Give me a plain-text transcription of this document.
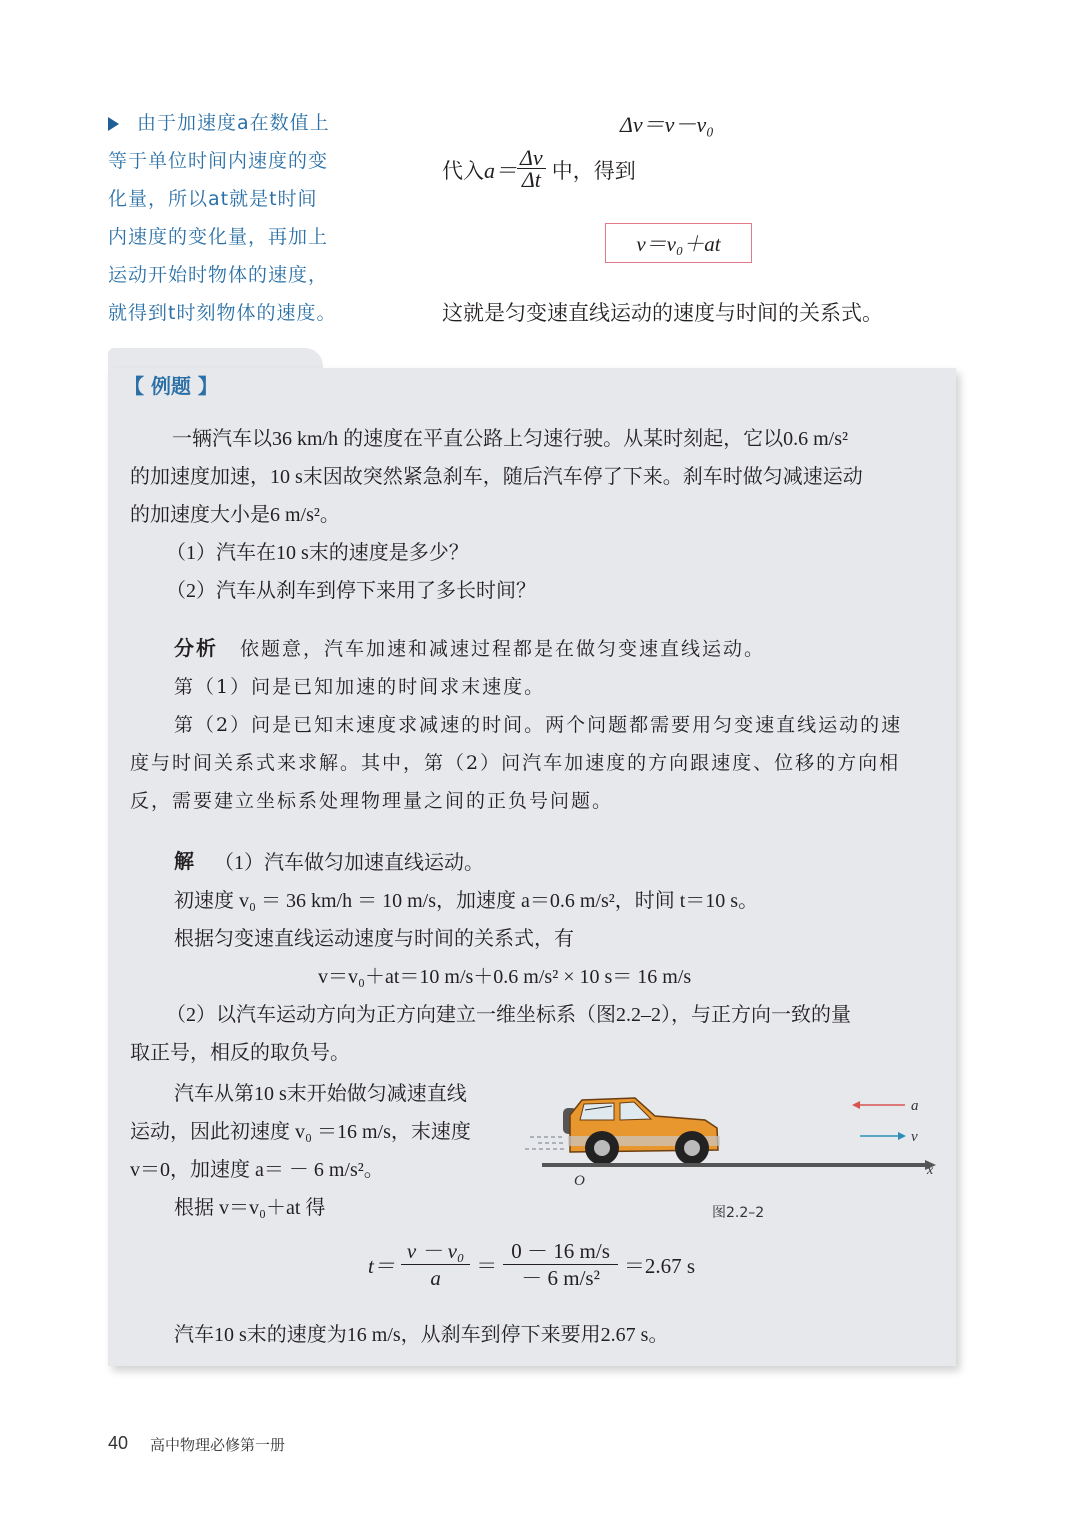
由于加速度a在数值上
等于单位时间内速度的变
化量，所以at就是t时间
内速度的变化量，再加上
运动开始时物体的速度，
就得到t时刻物体的速度。
Δv＝v－v₀
代入 $a= \frac{\Delta v}{\Delta t}$ 中，得到
v＝v₀＋at
这就是匀变速直线运动的速度与时间的关系式。
【 例题 】
一辆汽车以36 km/h 的速度在平直公路上匀速行驶。从某时刻起，它以0.6 m/s²
的加速度加速，10 s末因故突然紧急刹车，随后汽车停了下来。刹车时做匀减速运动
的加速度大小是6 m/s²。
（1）汽车在10 s末的速度是多少？
（2）汽车从刹车到停下来用了多长时间？
分析 依题意，汽车加速和减速过程都是在做匀变速直线运动。
第（1）问是已知加速的时间求末速度。
第（2）问是已知末速度求减速的时间。两个问题都需要用匀变速直线运动的速
度与时间关系式来求解。其中，第（2）问汽车加速度的方向跟速度、位移的方向相
反，需要建立坐标系处理物理量之间的正负号问题。
解 （1）汽车做匀加速直线运动。
初速度 v₀ ＝ 36 km/h ＝ 10 m/s，加速度 a＝0.6 m/s²，时间 t＝10 s。
根据匀变速直线运动速度与时间的关系式，有
v＝v₀＋at＝10 m/s＋0.6 m/s² × 10 s＝ 16 m/s
（2）以汽车运动方向为正方向建立一维坐标系（图2.2–2），与正方向一致的量
取正号，相反的取负号。
汽车从第10 s末开始做匀减速直线
运动，因此初速度 v₀ ＝16 m/s，末速度
v＝0，加速度 a＝ － 6 m/s²。
根据 v＝v₀＋at 得
a
v
x
O
图2.2–2
$t= \frac{\text{v － v₀}}{a} = \frac{0 - 16 m/s}{\text{－ 6 m/s²}} =2.67$ s
汽车10 s末的速度为16 m/s，从刹车到停下来要用2.67 s。
40 高中物理必修第一册
